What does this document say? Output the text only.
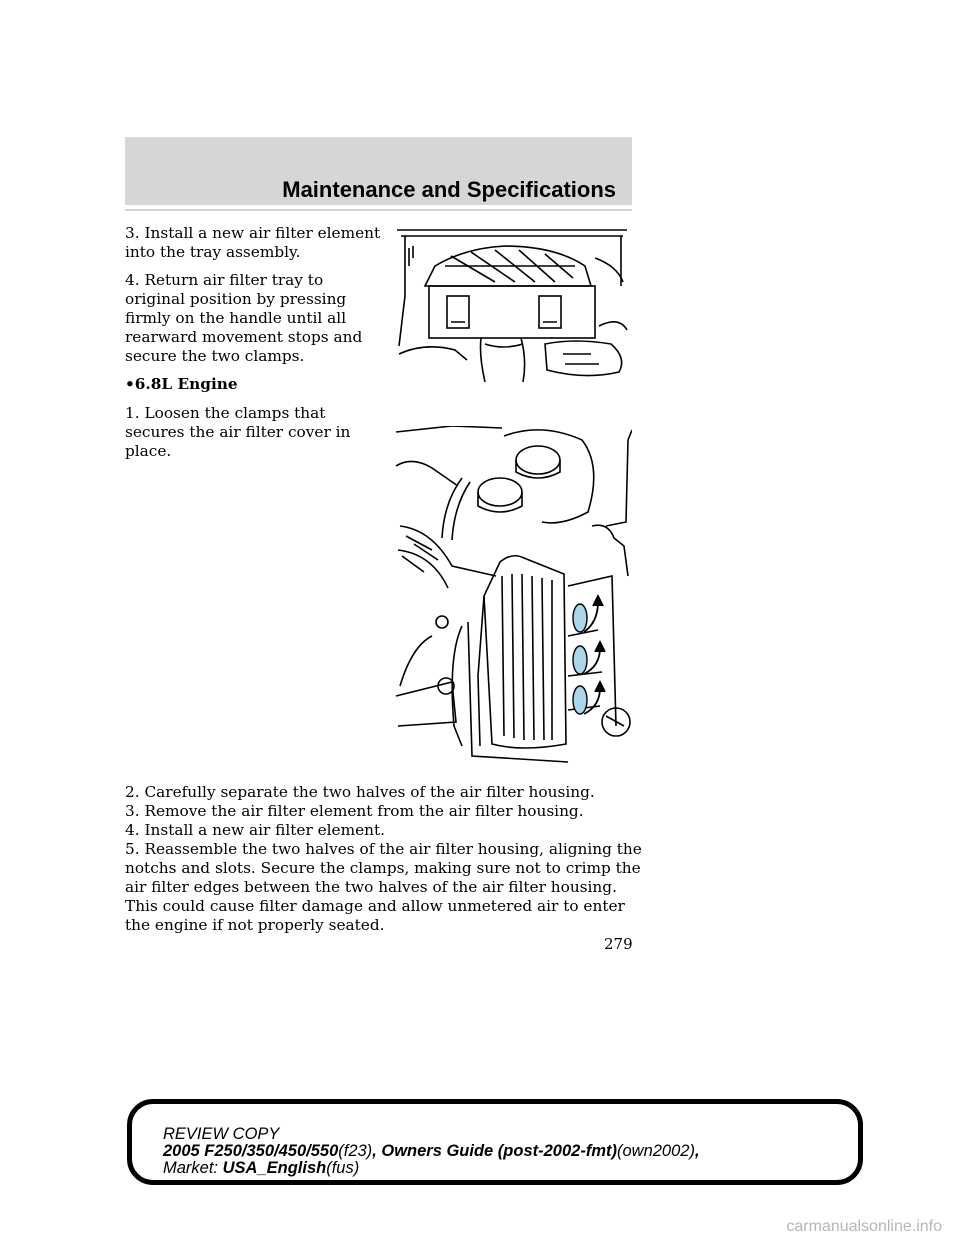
Maintenance and Specifications

3. Install a new air filter element into the tray assembly.

4. Return air filter tray to original position by pressing firmly on the handle until all rearward movement stops and secure the two clamps.

•6.8L Engine

1. Loosen the clamps that secures the air filter cover in place.

2. Carefully separate the two halves of the air filter housing.

3. Remove the air filter element from the air filter housing.

4. Install a new air filter element.

5. Reassemble the two halves of the air filter housing, aligning the notchs and slots. Secure the clamps, making sure not to crimp the air filter edges between the two halves of the air filter housing. This could cause filter damage and allow unmetered air to enter the engine if not properly seated.

279
REVIEW COPY
2005 F250/350/450/550(f23), Owners Guide (post-2002-fmt)(own2002),
Market: USA_English(fus)
carmanualsonline.info
